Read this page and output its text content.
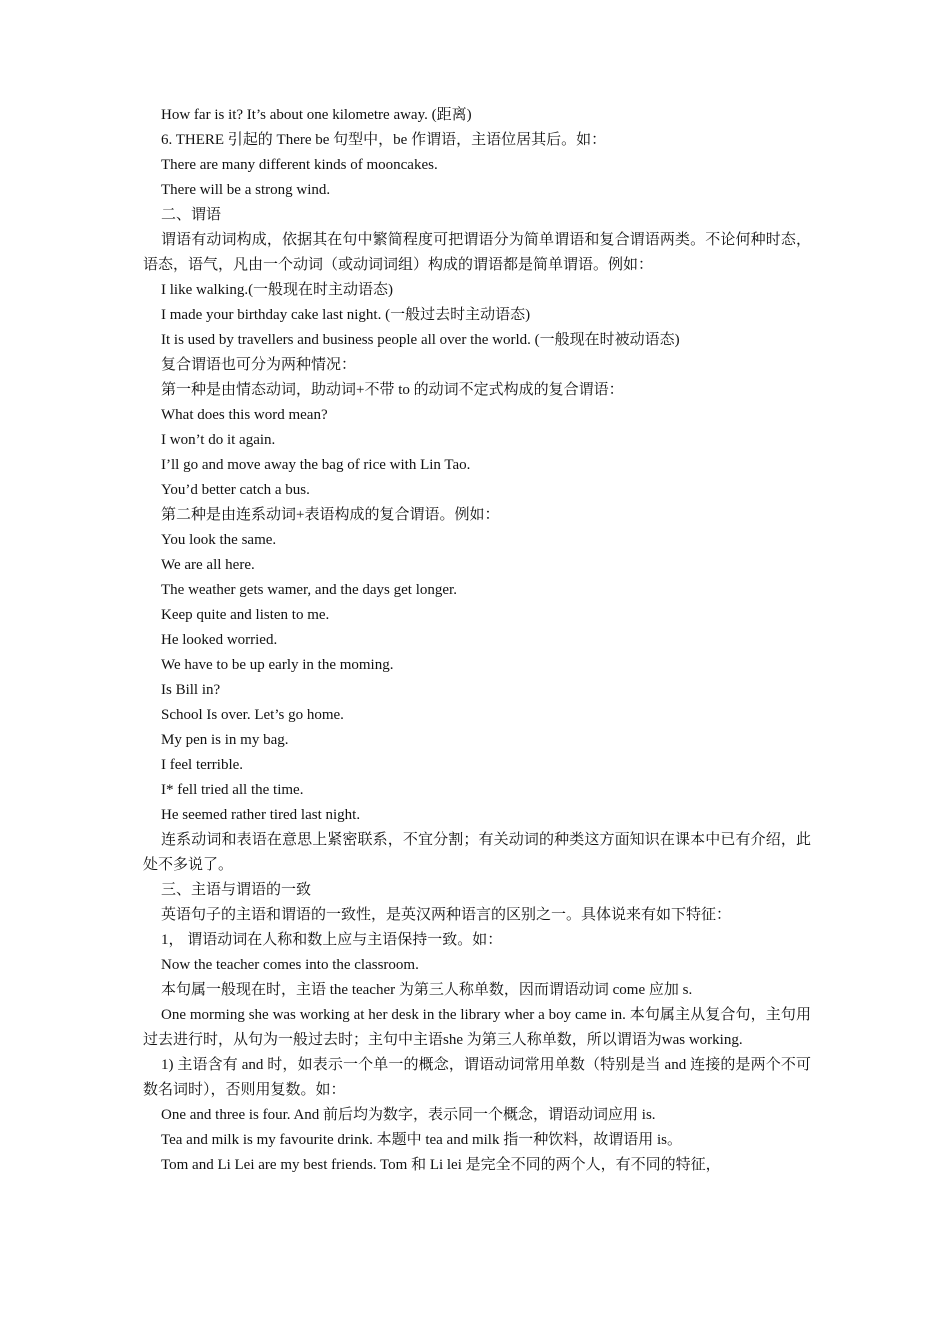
How far is it? It’s about one kilometre away. (距离)

6. THERE 引起的 There be 句型中，be 作谓语，主语位居其后。如：

There are many different kinds of mooncakes.

There will be a strong wind.

二、谓语

谓语有动词构成，依据其在句中繁简程度可把谓语分为简单谓语和复合谓语两类。不论何种时态，语态，语气，凡由一个动词（或动词词组）构成的谓语都是简单谓语。例如：

I like walking.(一般现在时主动语态)

I made your birthday cake last night. (一般过去时主动语态)

It is used by travellers and business people all over the world. (一般现在时被动语态)

复合谓语也可分为两种情况：

第一种是由情态动词，助动词+不带 to 的动词不定式构成的复合谓语：

What does this word mean?

I won’t do it again.

I’ll go and move away the bag of rice with Lin Tao.

You’d better catch a bus.

第二种是由连系动词+表语构成的复合谓语。例如：

You look the same.

We are all here.

The weather gets wamer, and the days get longer.

Keep quite and listen to me.

He looked worried.

We have to be up early in the moming.

Is Bill in?

School Is over. Let’s go home.

My pen is in my bag.

I feel terrible.

I* fell tried all the time.

He seemed rather tired last night.

连系动词和表语在意思上紧密联系，不宜分割；有关动词的种类这方面知识在课本中已有介绍，此处不多说了。

三、主语与谓语的一致

英语句子的主语和谓语的一致性，是英汉两种语言的区别之一。具体说来有如下特征：

1， 谓语动词在人称和数上应与主语保持一致。如：

Now the teacher comes into the classroom.

本句属一般现在时，主语 the teacher 为第三人称单数，因而谓语动词 come 应加 s.

One morming she was working at her desk in the library wher a boy came in. 本句属主从复合句，主句用过去进行时，从句为一般过去时；主句中主语she 为第三人称单数，所以谓语为was working.

1) 主语含有 and 时，如表示一个单一的概念，谓语动词常用单数（特别是当 and 连接的是两个不可数名词时），否则用复数。如：

One and three is four. And 前后均为数字，表示同一个概念，谓语动词应用 is.

Tea and milk is my favourite drink. 本题中 tea and milk 指一种饮料，故谓语用 is。

Tom and Li Lei are my best friends. Tom 和 Li lei 是完全不同的两个人，有不同的特征，
